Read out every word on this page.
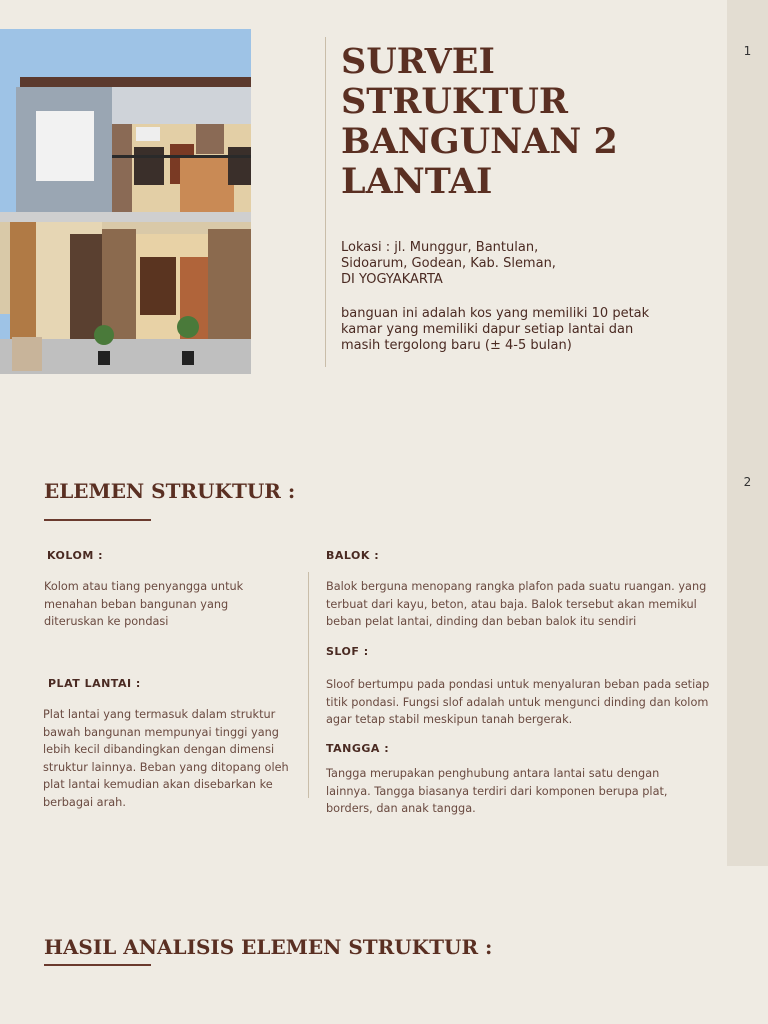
1
2
SURVEI STRUKTUR BANGUNAN 2 LANTAI

Lokasi : jl. Munggur, Bantulan,
Sidoarum, Godean, Kab. Sleman,
DI YOGYAKARTA

banguan ini adalah kos yang memiliki 10 petak
kamar yang memiliki dapur setiap lantai dan
masih tergolong baru (± 4-5 bulan)

ELEMEN STRUKTUR :

KOLOM :

Kolom atau tiang penyangga untuk menahan beban bangunan yang diteruskan ke pondasi

PLAT LANTAI :

Plat lantai yang termasuk dalam struktur bawah bangunan mempunyai tinggi yang lebih kecil dibandingkan dengan dimensi struktur lainnya. Beban yang ditopang oleh plat lantai kemudian akan disebarkan ke berbagai arah.

BALOK :

Balok berguna menopang rangka plafon pada suatu ruangan. yang terbuat dari kayu, beton, atau baja. Balok tersebut akan memikul beban pelat lantai, dinding dan beban balok itu sendiri

SLOF :

Sloof bertumpu pada pondasi untuk menyaluran beban pada setiap titik pondasi. Fungsi slof adalah untuk mengunci dinding dan kolom agar tetap stabil meskipun tanah bergerak.

TANGGA :

Tangga merupakan penghubung antara lantai satu dengan lainnya. Tangga biasanya terdiri dari komponen berupa plat, borders, dan anak tangga.

HASIL ANALISIS ELEMEN STRUKTUR :
